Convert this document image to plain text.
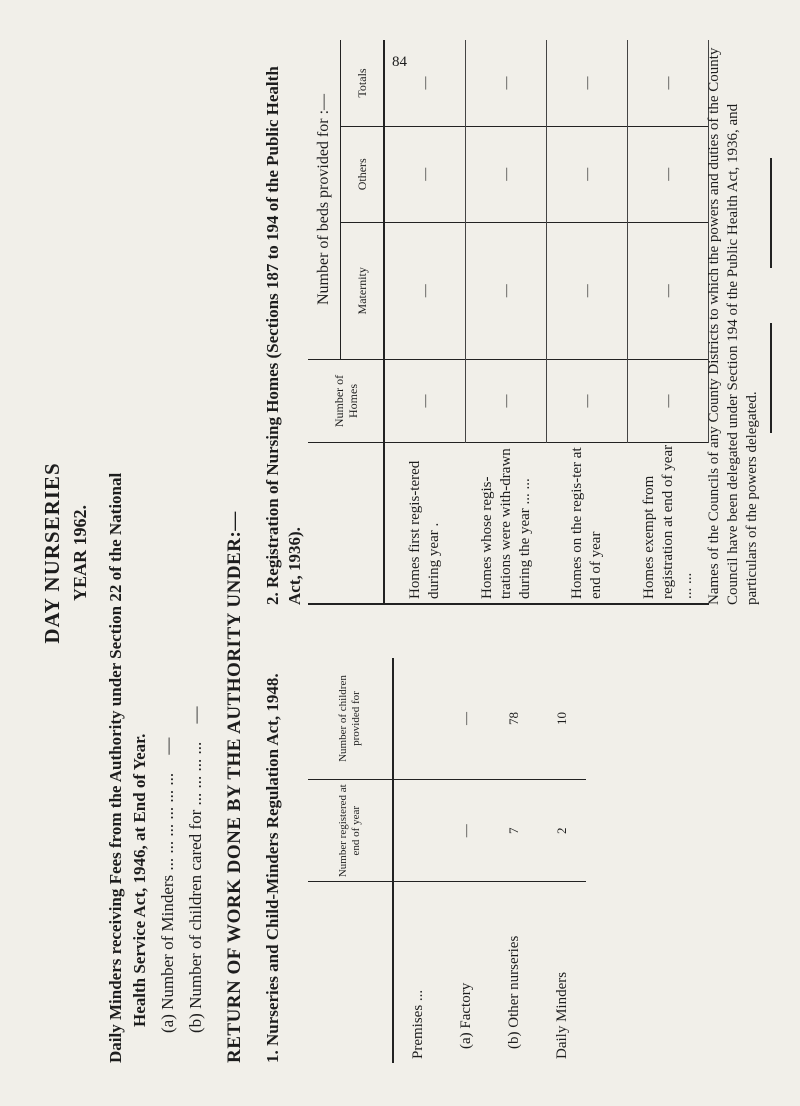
84
DAY NURSERIES YEAR 1962. Daily Minders receiving Fees from the Authority under Section 22 of the National Health Service Act, 1946, at End of Year. (a) Number of Minders ... ... ... ... ... ... — (b) Number of children cared for ... ... ... ... — RETURN OF WORK DONE BY THE AUTHORITY UNDER:— 1. Nurseries and Child-Minders Regulation Act, 1948.
2. Registration of Nursing Homes (Sections 187 to 194 of the Public Health Act, 1936).
	Number registered at end of year	Number of children provided for
Premises ...		
(a) Factory	—	—
(b) Other nurseries	7	78
Daily Minders	2	10
	Number of Homes	Number of beds provided for :—		
		Maternity	Others	Totals
Homes first regis-tered during year .	—	—	—	—
Homes whose regis-trations were with-drawn during the year ... ...	—	—	—	—
Homes on the regis-ter at end of year	—	—	—	—
Homes exempt from registration at end of year ... ...	—	—	—	— Names of the Councils of any County Districts to which the powers and duties of the County Council have been delegated under Section 194 of the Public Health Act, 1936, and particulars of the powers delegated.
